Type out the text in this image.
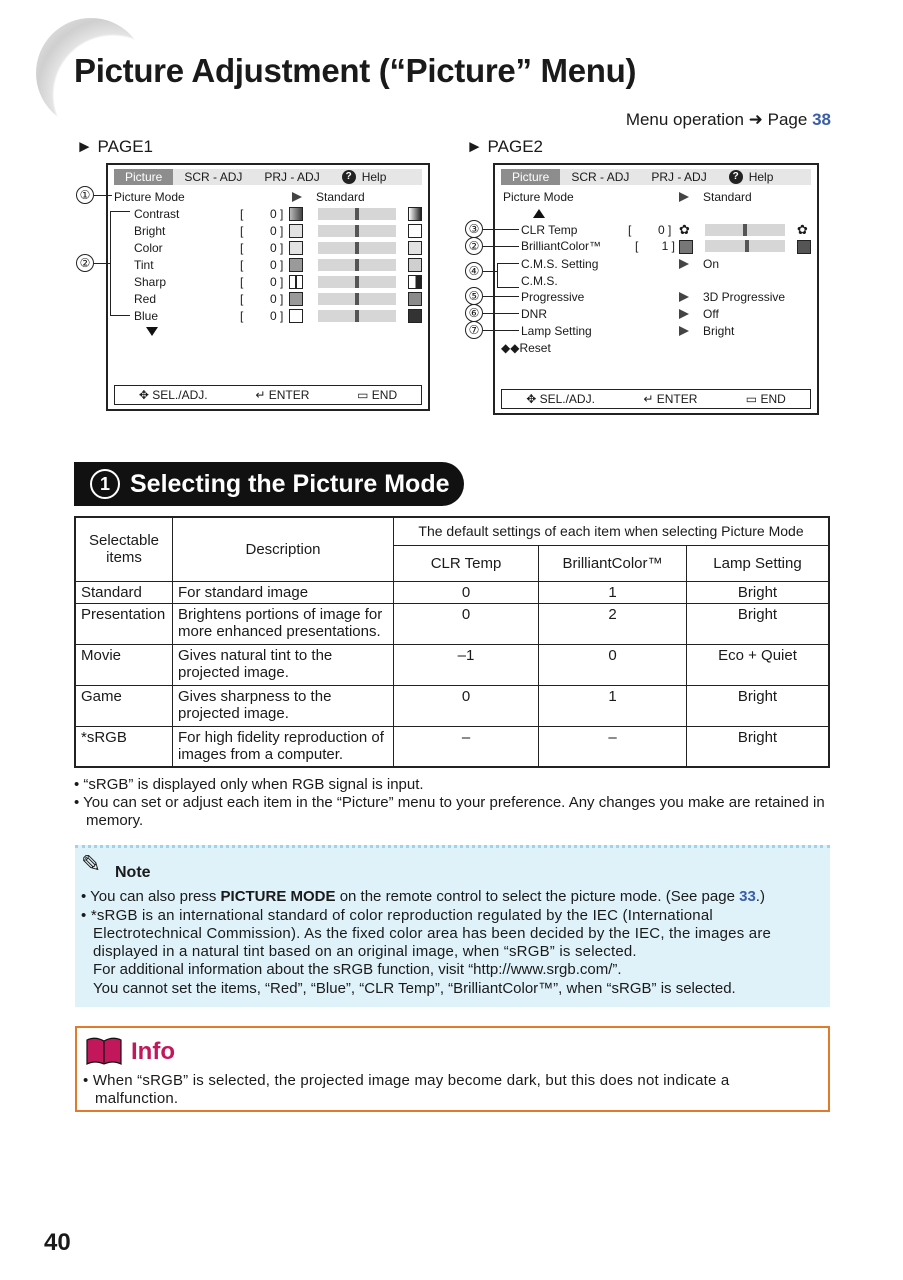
Picture Adjustment (“Picture” Menu)
Menu operation ➜ Page 38
► PAGE1
Picture	SCR - ADJ	PRJ - ADJ	? Help
Picture Mode	Standard
Contrast	[        0 ]
Bright	[        0 ]
Color	[        0 ]
Tint	[        0 ]
Sharp	[        0 ]
Red	[        0 ]
Blue	[        0 ]
✥ SEL./ADJ.	↵ ENTER	▭ END
①
②
► PAGE2
Picture	SCR - ADJ	PRJ - ADJ	? Help
Picture Mode	Standard
CLR Temp	[        0 ] ✿	✿
BrilliantColor™	[       1 ]
C.M.S. Setting	On
C.M.S.
Progressive	3D Progressive
DNR	Off
Lamp Setting	Bright
◆◆Reset
✥ SEL./ADJ.	↵ ENTER	▭ END
③
②
④
⑤
⑥
⑦
1 Selecting the Picture Mode
Selectable items	Description	The default settings of each item when selecting Picture Mode		
		CLR Temp	BrilliantColor™	Lamp Setting
Standard	For standard image	0	1	Bright
Presentation	Brightens portions of image for more enhanced presentations.	0	2	Bright
Movie	Gives natural tint to the projected image.	–1	0	Eco + Quiet
Game	Gives sharpness to the projected image.	0	1	Bright
*sRGB	For high fidelity reproduction of images from a computer.	–	–	Bright
• “sRGB” is displayed only when RGB signal is input.
• You can set or adjust each item in the “Picture” menu to your preference. Any changes you make are retained in memory.
✎ Note
• You can also press PICTURE MODE on the remote control to select the picture mode. (See page 33.)
• *sRGB is an international standard of color reproduction regulated by the IEC (International Electrotechnical Commission). As the fixed color area has been decided by the IEC, the images are displayed in a natural tint based on an original image, when “sRGB” is selected.
For additional information about the sRGB function, visit “http://www.srgb.com/”.
You cannot set the items, “Red”, “Blue”, “CLR Temp”, “BrilliantColor™”, when “sRGB” is selected.
Info

• When “sRGB” is selected, the projected image may become dark, but this does not indicate a malfunction.

40
